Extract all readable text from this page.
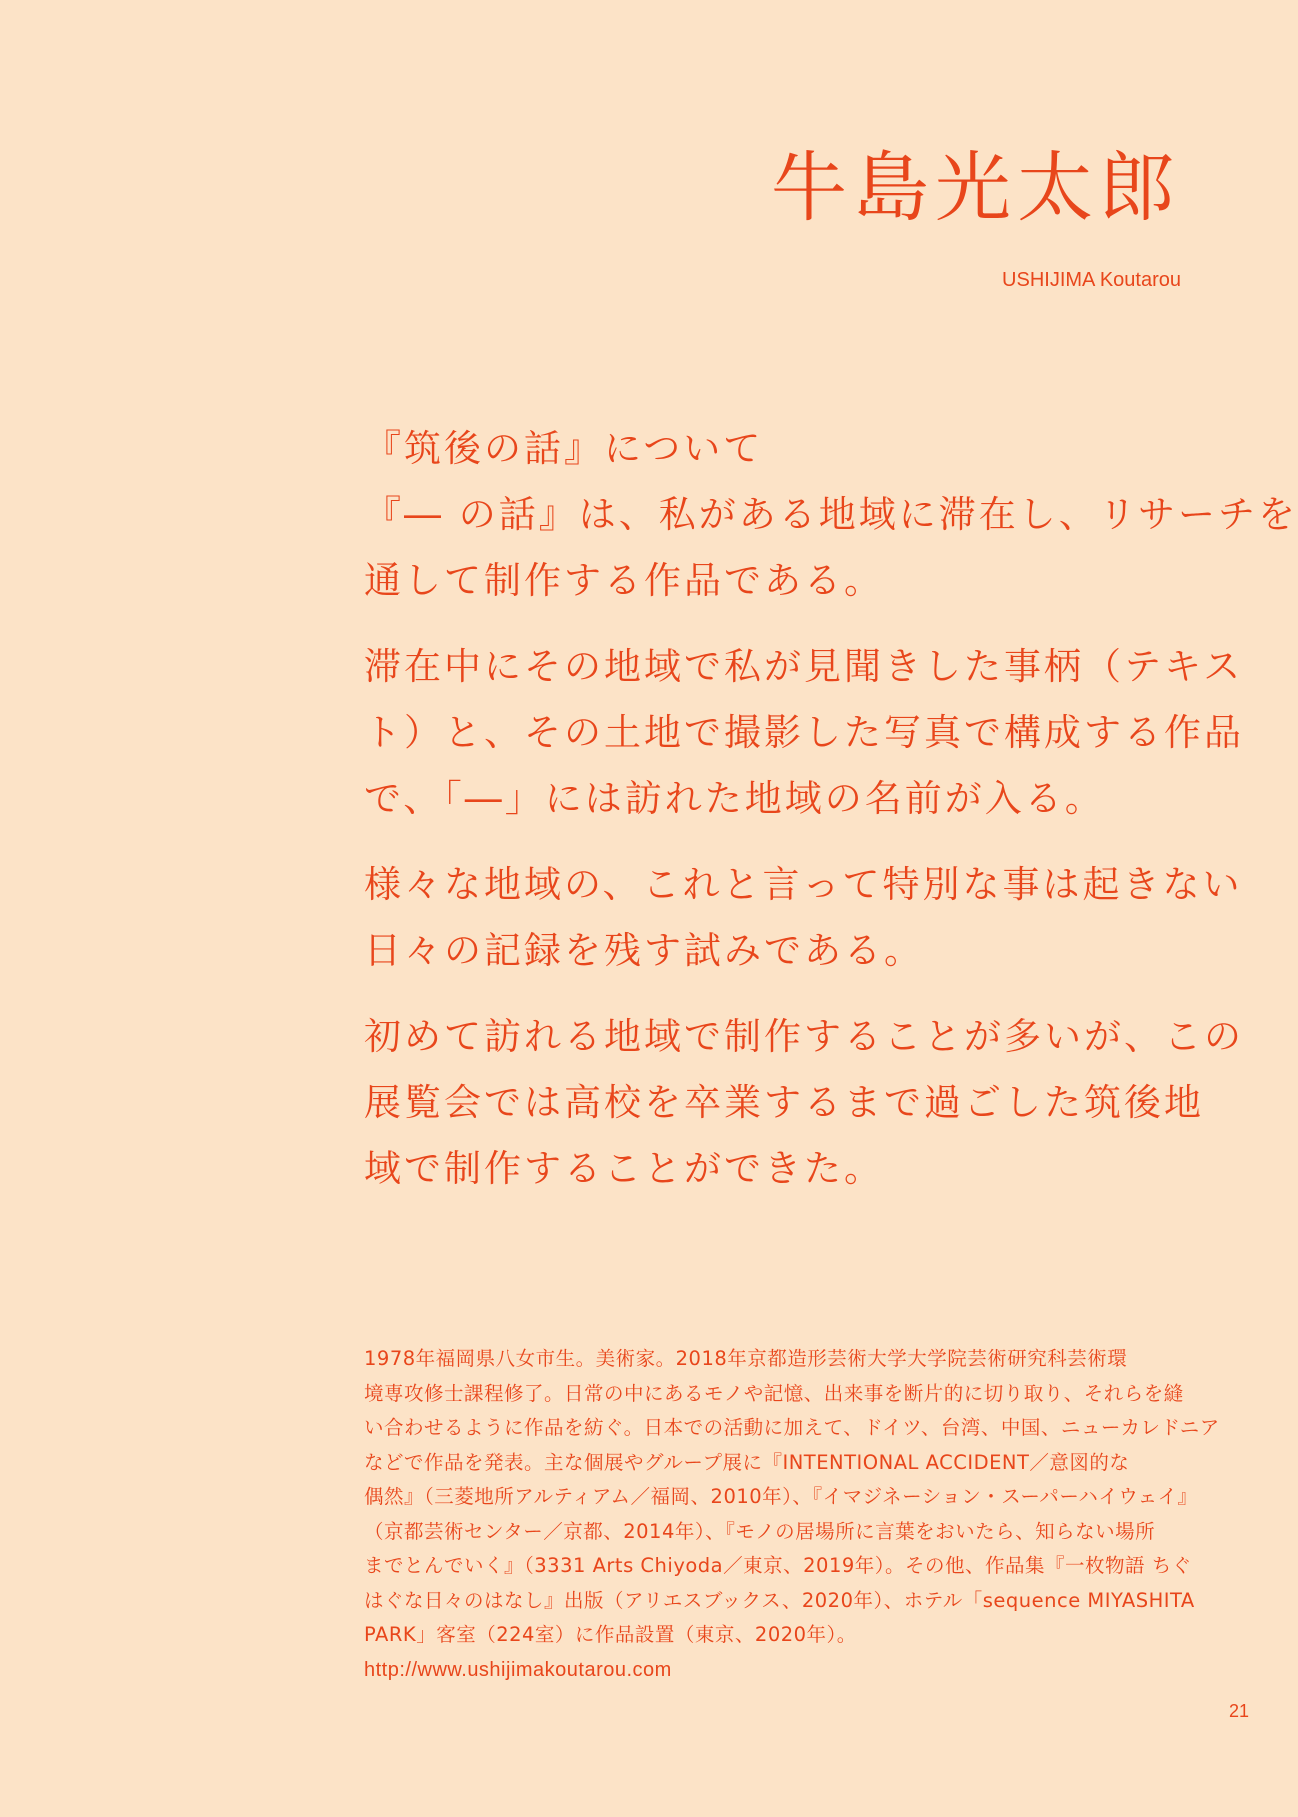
牛島光太郎
USHIJIMA Koutarou
『筑後の話』について
『― の話』は、私がある地域に滞在し、リサーチを
通して制作する作品である。
滞在中にその地域で私が見聞きした事柄（テキス
ト）と、その土地で撮影した写真で構成する作品
で、「―」には訪れた地域の名前が入る。
様々な地域の、これと言って特別な事は起きない
日々の記録を残す試みである。
初めて訪れる地域で制作することが多いが、この
展覧会では高校を卒業するまで過ごした筑後地
域で制作することができた。
1978年福岡県八女市生。美術家。2018年京都造形芸術大学大学院芸術研究科芸術環
境専攻修士課程修了。日常の中にあるモノや記憶、出来事を断片的に切り取り、それらを縫
い合わせるように作品を紡ぐ。日本での活動に加えて、ドイツ、台湾、中国、ニューカレドニア
などで作品を発表。主な個展やグループ展に『INTENTIONAL ACCIDENT／意図的な
偶然』（三菱地所アルティアム／福岡、2010年）、『イマジネーション・スーパーハイウェイ』
（京都芸術センター／京都、2014年）、『モノの居場所に言葉をおいたら、知らない場所
までとんでいく』（3331 Arts Chiyoda／東京、2019年）。その他、作品集『一枚物語 ちぐ
はぐな日々のはなし』出版（アリエスブックス、2020年）、ホテル「sequence MIYASHITA
PARK」客室（224室）に作品設置（東京、2020年）。
http://www.ushijimakoutarou.com
21
